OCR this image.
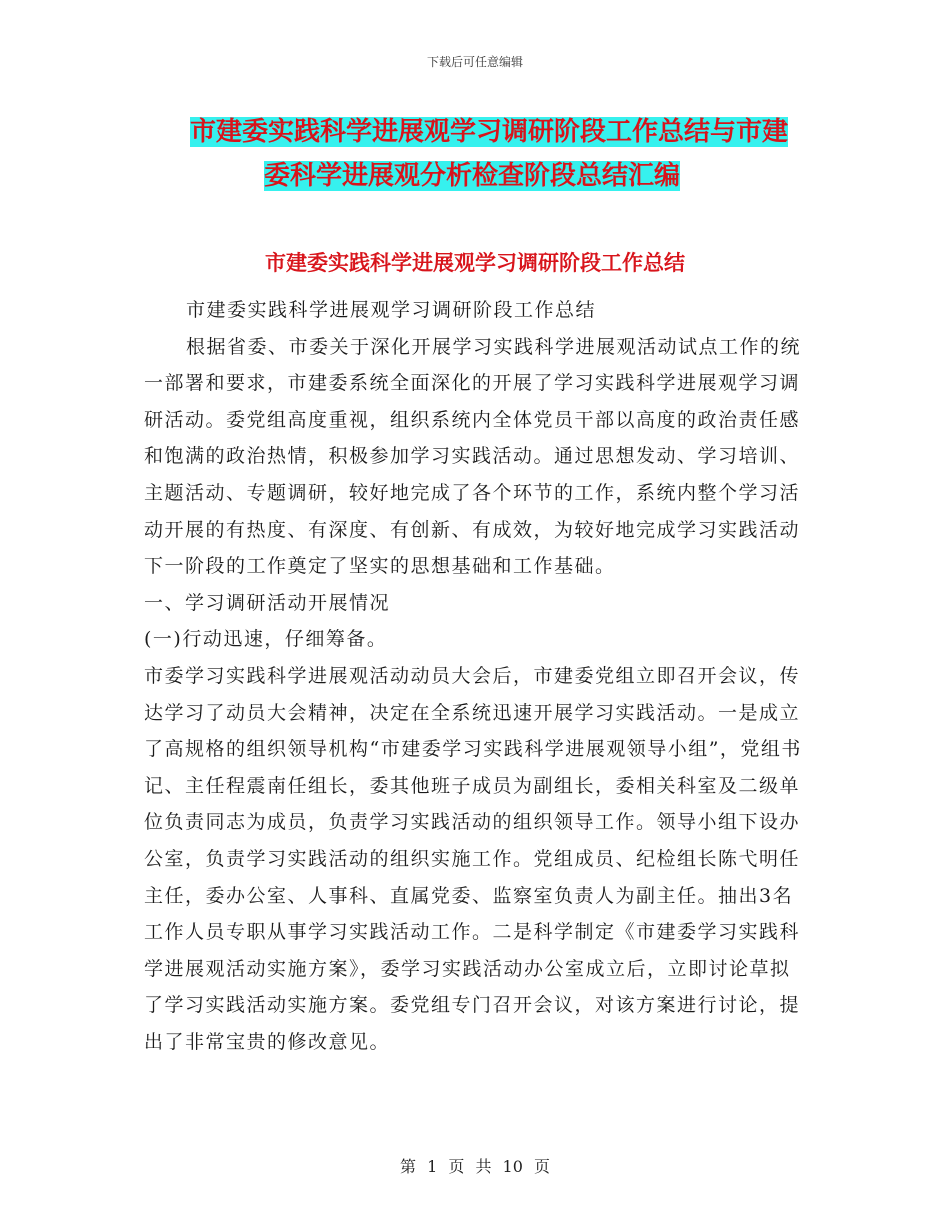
下载后可任意编辑
市建委实践科学进展观学习调研阶段工作总结与市建

委科学进展观分析检查阶段总结汇编
市建委实践科学进展观学习调研阶段工作总结

市建委实践科学进展观学习调研阶段工作总结

根据省委、市委关于深化开展学习实践科学进展观活动试点工作的统一部署和要求，市建委系统全面深化的开展了学习实践科学进展观学习调研活动。委党组高度重视，组织系统内全体党员干部以高度的政治责任感和饱满的政治热情，积极参加学习实践活动。通过思想发动、学习培训、主题活动、专题调研，较好地完成了各个环节的工作，系统内整个学习活动开展的有热度、有深度、有创新、有成效，为较好地完成学习实践活动下一阶段的工作奠定了坚实的思想基础和工作基础。

一、学习调研活动开展情况

(一)行动迅速，仔细筹备。

市委学习实践科学进展观活动动员大会后，市建委党组立即召开会议，传达学习了动员大会精神，决定在全系统迅速开展学习实践活动。一是成立了高规格的组织领导机构“市建委学习实践科学进展观领导小组”，党组书记、主任程震南任组长，委其他班子成员为副组长，委相关科室及二级单位负责同志为成员，负责学习实践活动的组织领导工作。领导小组下设办公室，负责学习实践活动的组织实施工作。党组成员、纪检组长陈弋明任主任，委办公室、人事科、直属党委、监察室负责人为副主任。抽出3名工作人员专职从事学习实践活动工作。二是科学制定《市建委学习实践科学进展观活动实施方案》，委学习实践活动办公室成立后，立即讨论草拟了学习实践活动实施方案。委党组专门召开会议，对该方案进行讨论，提出了非常宝贵的修改意见。

第 1 页 共 10 页
